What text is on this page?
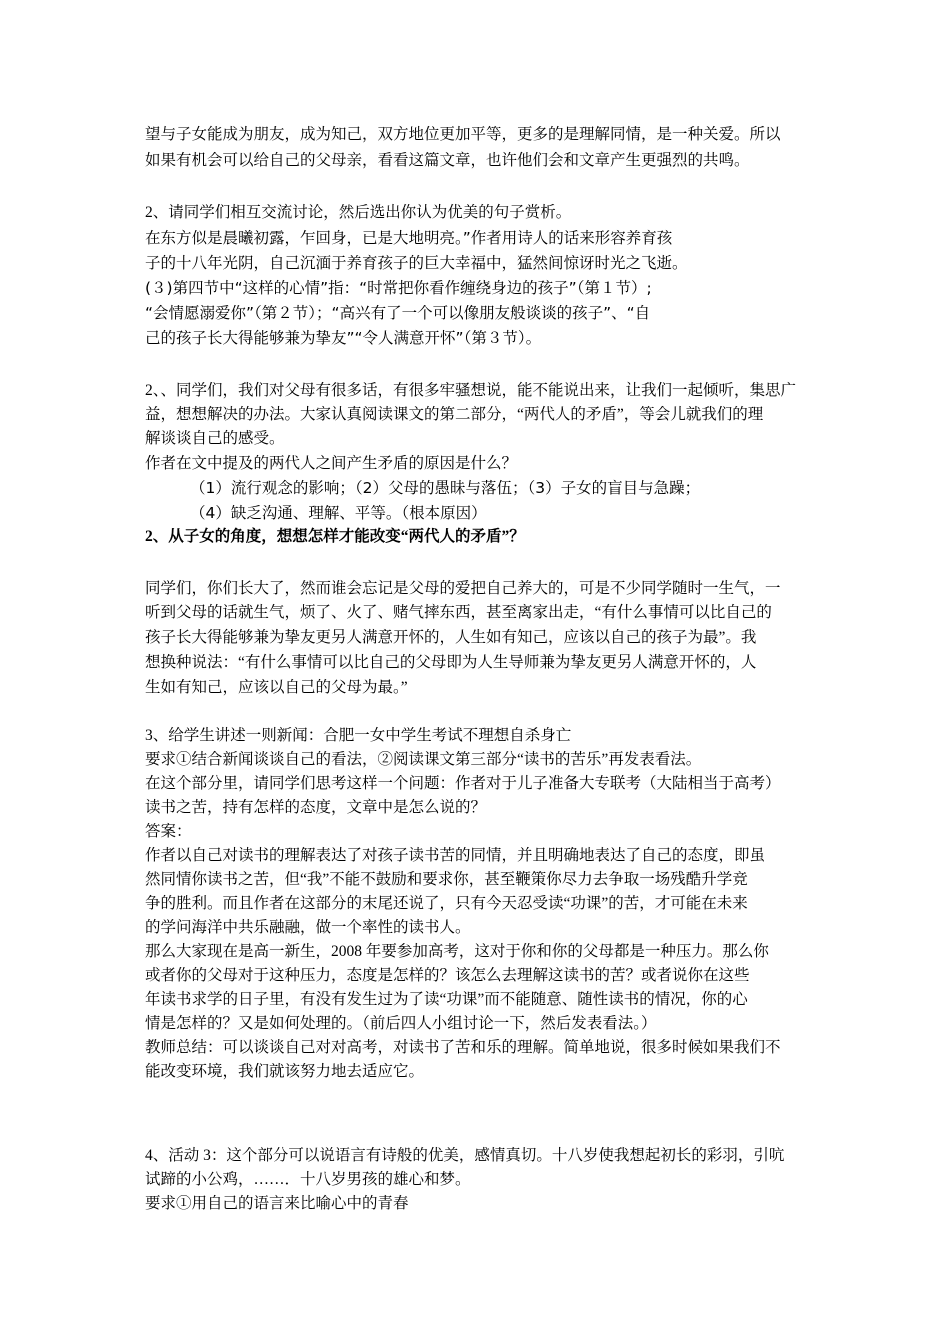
望与子女能成为朋友，成为知己，双方地位更加平等，更多的是理解同情，是一种关爱。所以
如果有机会可以给自己的父母亲，看看这篇文章，也许他们会和文章产生更强烈的共鸣。
2、请同学们相互交流讨论，然后选出你认为优美的句子赏析。
在东方似是晨曦初露，乍回身，已是大地明亮。”作者用诗人的话来形容养育孩
子的十八年光阴，自己沉湎于养育孩子的巨大幸福中，猛然间惊讶时光之飞逝。
(３)第四节中“这样的心情”指：“时常把你看作缠绕身边的孩子”（第１节）;
“会情愿溺爱你”（第２节）；“高兴有了一个可以像朋友般谈谈的孩子”、“自
己的孩子长大得能够兼为挚友”“令人满意开怀”（第３节）。
2、、同学们，我们对父母有很多话，有很多牢骚想说，能不能说出来，让我们一起倾听，集思广
益，想想解决的办法。大家认真阅读课文的第二部分，“两代人的矛盾”，等会儿就我们的理
解谈谈自己的感受。
作者在文中提及的两代人之间产生矛盾的原因是什么？
（1）流行观念的影响；（2）父母的愚昧与落伍；（3）子女的盲目与急躁；
（4）缺乏沟通、理解、平等。（根本原因）
2、从子女的角度，想想怎样才能改变“两代人的矛盾”？
同学们，你们长大了，然而谁会忘记是父母的爱把自己养大的，可是不少同学随时一生气，一
听到父母的话就生气，烦了、火了、赌气摔东西，甚至离家出走，“有什么事情可以比自己的
孩子长大得能够兼为挚友更另人满意开怀的，人生如有知己，应该以自己的孩子为最”。我
想换种说法：“有什么事情可以比自己的父母即为人生导师兼为挚友更另人满意开怀的，人
生如有知己，应该以自己的父母为最。”
3、给学生讲述一则新闻：合肥一女中学生考试不理想自杀身亡
要求①结合新闻谈谈自己的看法，②阅读课文第三部分“读书的苦乐”再发表看法。
在这个部分里，请同学们思考这样一个问题：作者对于儿子准备大专联考（大陆相当于高考）
读书之苦，持有怎样的态度，文章中是怎么说的？
答案：
作者以自己对读书的理解表达了对孩子读书苦的同情，并且明确地表达了自己的态度，即虽
然同情你读书之苦，但“我”不能不鼓励和要求你，甚至鞭策你尽力去争取一场残酷升学竞
争的胜利。而且作者在这部分的末尾还说了，只有今天忍受读“功课”的苦，才可能在未来
的学问海洋中共乐融融，做一个率性的读书人。
那么大家现在是高一新生，2008 年要参加高考，这对于你和你的父母都是一种压力。那么你
或者你的父母对于这种压力，态度是怎样的？该怎么去理解这读书的苦？或者说你在这些
年读书求学的日子里，有没有发生过为了读“功课”而不能随意、随性读书的情况，你的心
情是怎样的？又是如何处理的。（前后四人小组讨论一下，然后发表看法。）
教师总结：可以谈谈自己对对高考，对读书了苦和乐的理解。简单地说，很多时候如果我们不
能改变环境，我们就该努力地去适应它。
4、活动 3：这个部分可以说语言有诗般的优美，感情真切。十八岁使我想起初长的彩羽，引吭
试蹄的小公鸡，……．十八岁男孩的雄心和梦。
要求①用自己的语言来比喻心中的青春
